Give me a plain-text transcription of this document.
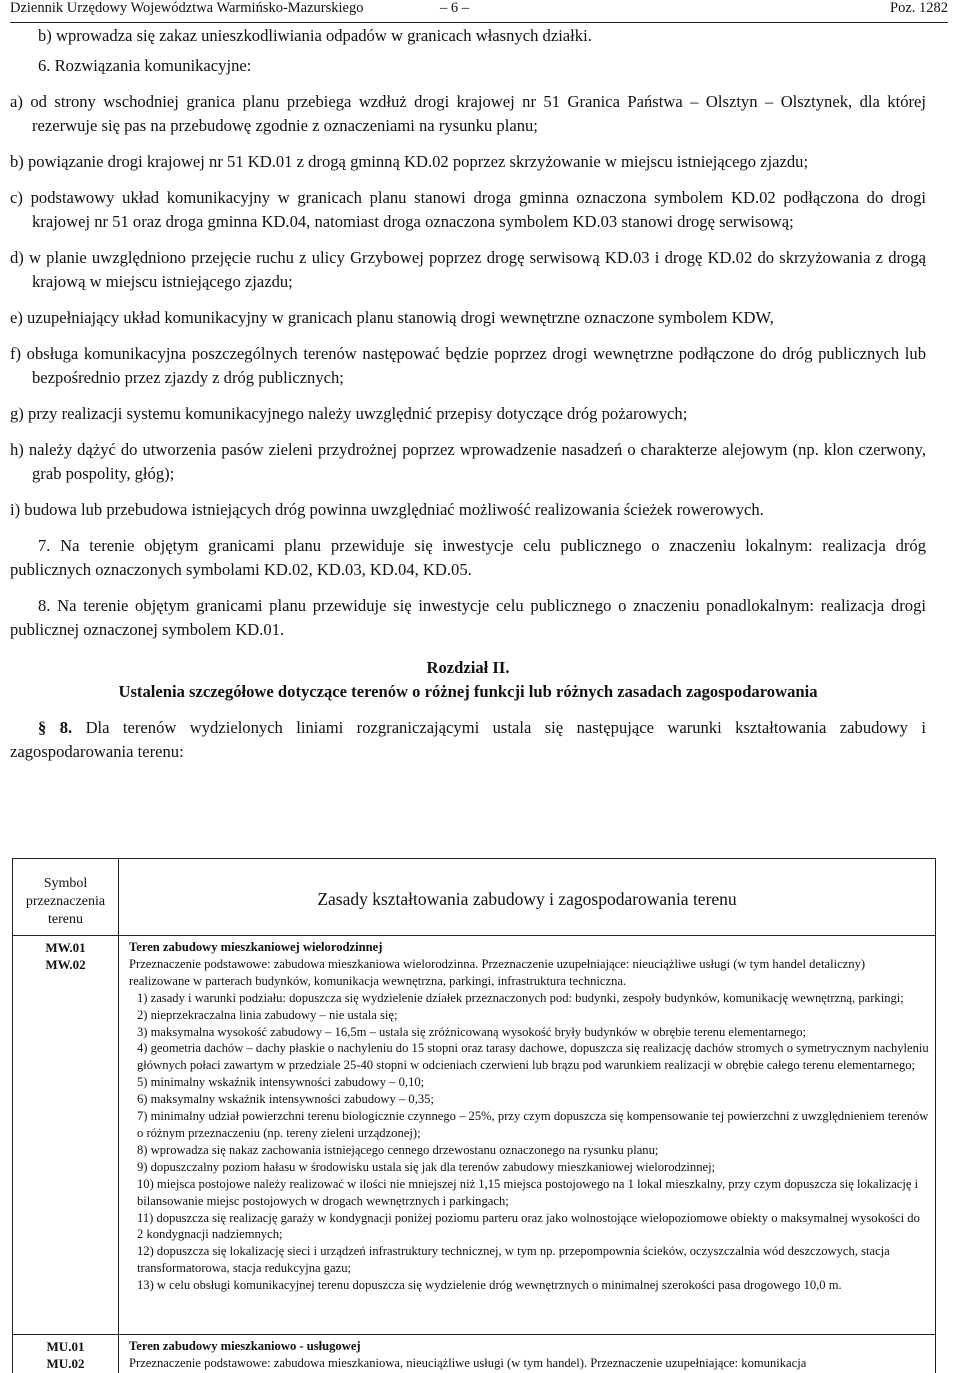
Dziennik Urzędowy Województwa Warmińsko-Mazurskiego	– 6 –	Poz. 1282

b) wprowadza się zakaz unieszkodliwiania odpadów w granicach własnych działki.

6. Rozwiązania komunikacyjne:

a) od strony wschodniej granica planu przebiega wzdłuż drogi krajowej nr 51 Granica Państwa – Olsztyn – Olsztynek, dla której rezerwuje się pas na przebudowę zgodnie z oznaczeniami na rysunku planu;

b) powiązanie drogi krajowej nr 51 KD.01 z drogą gminną KD.02 poprzez skrzyżowanie w miejscu istniejącego zjazdu;

c) podstawowy układ komunikacyjny w granicach planu stanowi droga gminna oznaczona symbolem KD.02 podłączona do drogi krajowej nr 51 oraz droga gminna KD.04, natomiast droga oznaczona symbolem KD.03 stanowi drogę serwisową;

d) w planie uwzględniono przejęcie ruchu z ulicy Grzybowej poprzez drogę serwisową KD.03 i drogę KD.02 do skrzyżowania z drogą krajową w miejscu istniejącego zjazdu;

e) uzupełniający układ komunikacyjny w granicach planu stanowią drogi wewnętrzne oznaczone symbolem KDW,

f) obsługa komunikacyjna poszczególnych terenów następować będzie poprzez drogi wewnętrzne podłączone do dróg publicznych lub bezpośrednio przez zjazdy z dróg publicznych;

g) przy realizacji systemu komunikacyjnego należy uwzględnić przepisy dotyczące dróg pożarowych;

h) należy dążyć do utworzenia pasów zieleni przydrożnej poprzez wprowadzenie nasadzeń o charakterze alejowym (np. klon czerwony, grab pospolity, głóg);

i) budowa lub przebudowa istniejących dróg powinna uwzględniać możliwość realizowania ścieżek rowerowych.

7. Na terenie objętym granicami planu przewiduje się inwestycje celu publicznego o znaczeniu lokalnym: realizacja dróg publicznych oznaczonych symbolami KD.02, KD.03, KD.04, KD.05.

8. Na terenie objętym granicami planu przewiduje się inwestycje celu publicznego o znaczeniu ponadlokalnym: realizacja drogi publicznej oznaczonej symbolem KD.01.

Rozdział II.

Ustalenia szczegółowe dotyczące terenów o różnej funkcji lub różnych zasadach zagospodarowania

§ 8. Dla terenów wydzielonych liniami rozgraniczającymi ustala się następujące warunki kształtowania zabudowy i zagospodarowania terenu:

Symbol przeznaczenia terenu
Zasady kształtowania zabudowy i zagospodarowania terenu
MW.01
MW.02

Teren zabudowy mieszkaniowej wielorodzinnej

Przeznaczenie podstawowe: zabudowa mieszkaniowa wielorodzinna. Przeznaczenie uzupełniające: nieuciążliwe usługi (w tym handel detaliczny) realizowane w parterach budynków, komunikacja wewnętrzna, parkingi, infrastruktura techniczna.

1) zasady i warunki podziału: dopuszcza się wydzielenie działek przeznaczonych pod: budynki, zespoły budynków, komunikację wewnętrzną, parkingi;

2) nieprzekraczalna linia zabudowy – nie ustala się;

3) maksymalna wysokość zabudowy – 16,5m – ustala się zróżnicowaną wysokość bryły budynków w obrębie terenu elementarnego;

4) geometria dachów – dachy płaskie o nachyleniu do 15 stopni oraz tarasy dachowe, dopuszcza się realizację dachów stromych o symetrycznym nachyleniu głównych połaci zawartym w przedziale 25-40 stopni w odcieniach czerwieni lub brązu pod warunkiem realizacji w obrębie całego terenu elementarnego;

5) minimalny wskaźnik intensywności zabudowy – 0,10;

6) maksymalny wskaźnik intensywności zabudowy – 0,35;

7) minimalny udział powierzchni terenu biologicznie czynnego – 25%, przy czym dopuszcza się kompensowanie tej powierzchni z uwzględnieniem terenów o różnym przeznaczeniu (np. tereny zieleni urządzonej);

8) wprowadza się nakaz zachowania istniejącego cennego drzewostanu oznaczonego na rysunku planu;

9) dopuszczalny poziom hałasu w środowisku ustala się jak dla terenów zabudowy mieszkaniowej wielorodzinnej;

10) miejsca postojowe należy realizować w ilości nie mniejszej niż 1,15 miejsca postojowego na 1 lokal mieszkalny, przy czym dopuszcza się lokalizację i bilansowanie miejsc postojowych w drogach wewnętrznych i parkingach;

11) dopuszcza się realizację garaży w kondygnacji poniżej poziomu parteru oraz jako wolnostojące wielopoziomowe obiekty o maksymalnej wysokości do 2 kondygnacji nadziemnych;

12) dopuszcza się lokalizację sieci i urządzeń infrastruktury technicznej, w tym np. przepompownia ścieków, oczyszczalnia wód deszczowych, stacja transformatorowa, stacja redukcyjna gazu;

13) w celu obsługi komunikacyjnej terenu dopuszcza się wydzielenie dróg wewnętrznych o minimalnej szerokości pasa drogowego 10,0 m.

MU.01
MU.02

Teren zabudowy mieszkaniowo - usługowej

Przeznaczenie podstawowe: zabudowa mieszkaniowa, nieuciążliwe usługi (w tym handel). Przeznaczenie uzupełniające: komunikacja
